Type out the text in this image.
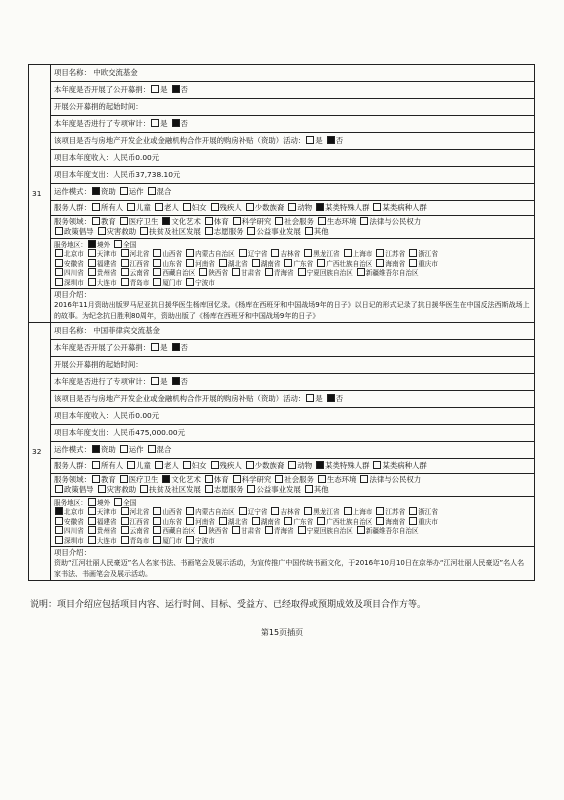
31	项目名称： 中欧交流基金
	本年度是否开展了公开募捐： 是 否
	开展公开募捐的起始时间：
	本年度是否进行了专项审计： 是 否
	该项目是否与房地产开发企业或金融机构合作开展的购房补贴（资助）活动： 是 否
	项目本年度收入：人民币0.00元
	项目本年度支出：人民币37,738.10元
	运作模式： 资助 运作 混合
	服务人群： 所有人 儿童 老人 妇女 残疾人 少数族裔 动物 某类特殊人群 某类病种人群
	服务领域： 教育 医疗卫生 文化艺术 体育 科学研究 社会服务 生态环境 法律与公民权力
政策倡导 灾害救助 扶贫及社区发展 志愿服务 公益事业发展 其他
	服务地区： 境外 全国
北京市 天津市 河北省 山西省 内蒙古自治区 辽宁省 吉林省 黑龙江省 上海市 江苏省 浙江省
安徽省 福建省 江西省 山东省 河南省 湖北省 湖南省 广东省 广西壮族自治区 海南省 重庆市
四川省 贵州省 云南省 西藏自治区 陕西省 甘肃省 青海省 宁夏回族自治区 新疆维吾尔自治区
深圳市 大连市 青岛市 厦门市 宁波市
	项目介绍：
2016年11月资助出版罗马尼亚抗日援华医生杨库回忆录。《杨库在西班牙和中国战场9年的日子》以日记的形式记录了抗日援华医生在中国反法西斯战场上的故事。为纪念抗日胜利80周年，资助出版了《杨库在西班牙和中国战场9年的日子》
32	项目名称： 中国菲律宾交流基金
	本年度是否开展了公开募捐： 是 否
	开展公开募捐的起始时间：
	本年度是否进行了专项审计： 是 否
	该项目是否与房地产开发企业或金融机构合作开展的购房补贴（资助）活动： 是 否
	项目本年度收入：人民币0.00元
	项目本年度支出：人民币475,000.00元
	运作模式： 资助 运作 混合
	服务人群： 所有人 儿童 老人 妇女 残疾人 少数族裔 动物 某类特殊人群 某类病种人群
	服务领域： 教育 医疗卫生 文化艺术 体育 科学研究 社会服务 生态环境 法律与公民权力
政策倡导 灾害救助 扶贫及社区发展 志愿服务 公益事业发展 其他
	服务地区： 境外 全国
北京市 天津市 河北省 山西省 内蒙古自治区 辽宁省 吉林省 黑龙江省 上海市 江苏省 浙江省
安徽省 福建省 江西省 山东省 河南省 湖北省 湖南省 广东省 广西壮族自治区 海南省 重庆市
四川省 贵州省 云南省 西藏自治区 陕西省 甘肃省 青海省 宁夏回族自治区 新疆维吾尔自治区
深圳市 大连市 青岛市 厦门市 宁波市
	项目介绍：
资助“江河壮丽人民豪迈”名人名家书法、书画笔会及展示活动，为宣传推广中国传统书画文化，于2016年10月10日在京举办“江河壮丽人民豪迈”名人名家书法、书画笔会及展示活动。
说明：项目介绍应包括项目内容、运行时间、目标、受益方、已经取得或预期成效及项目合作方等。
第15页插页
